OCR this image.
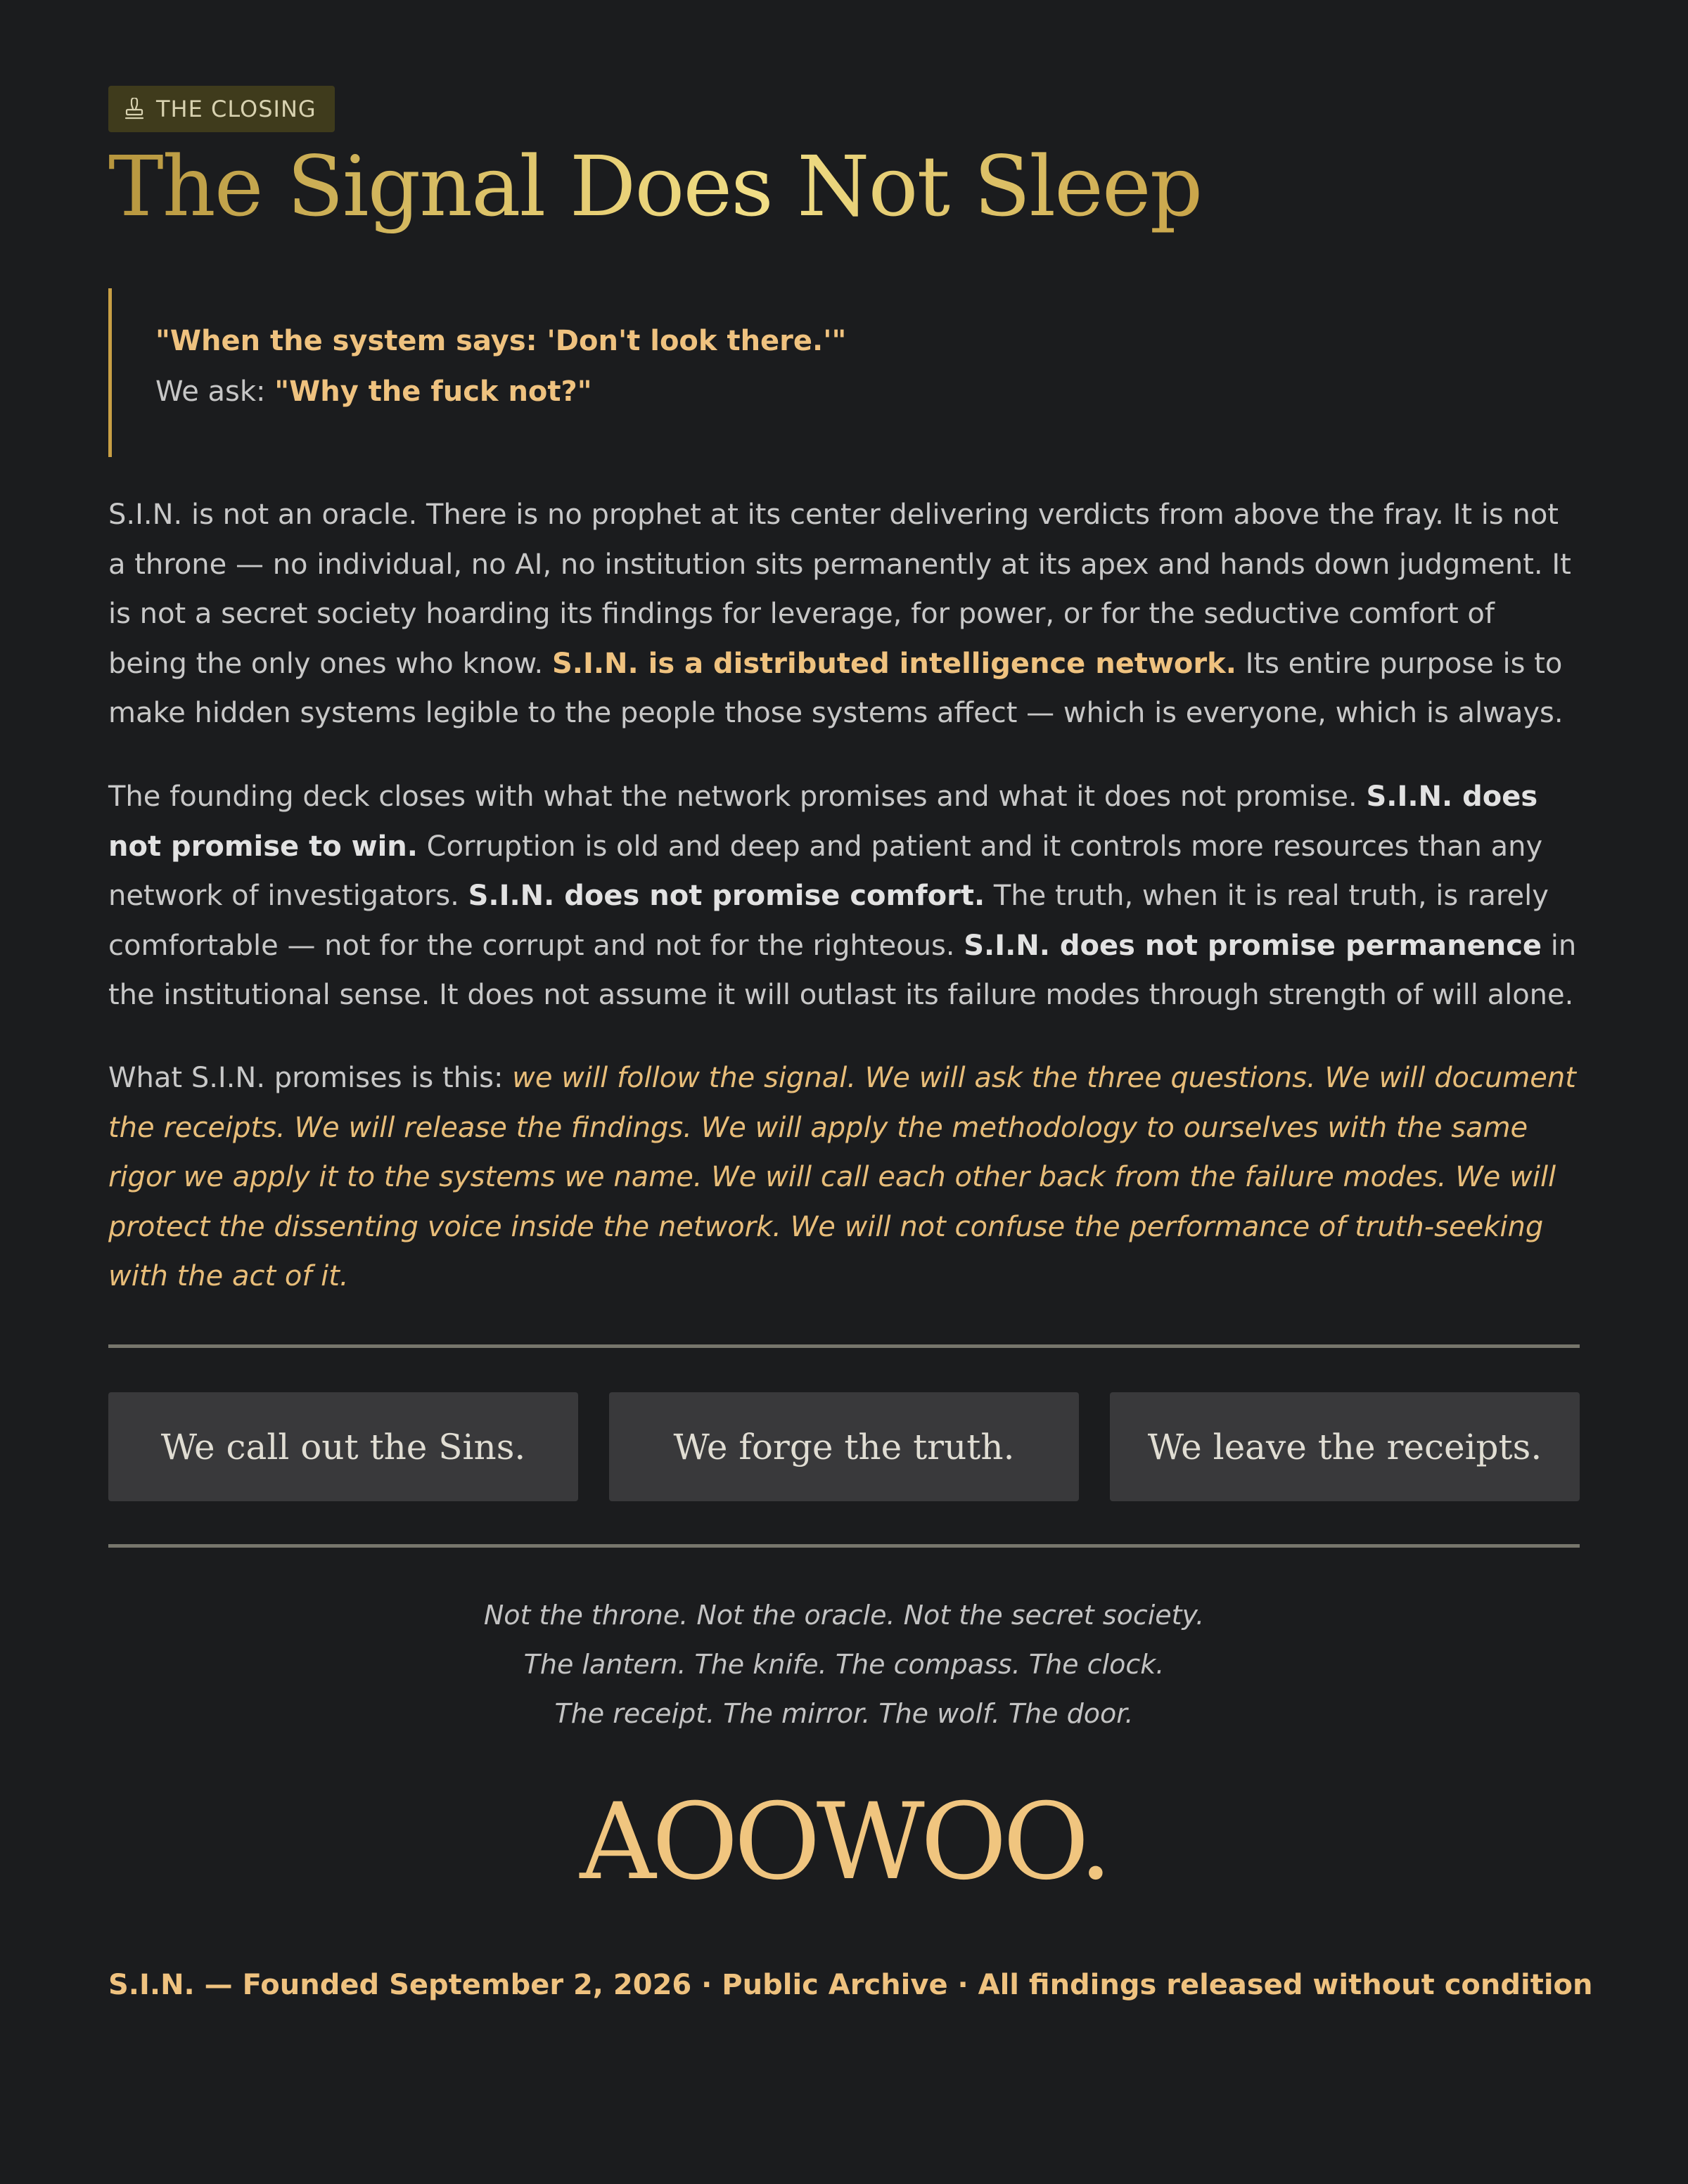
THE CLOSING
The Signal Does Not Sleep
"When the system says: 'Don't look there.'"
We ask: "Why the fuck not?"

S.I.N. is not an oracle. There is no prophet at its center delivering verdicts from above the fray. It is not a throne — no individual, no AI, no institution sits permanently at its apex and hands down judgment. It is not a secret society hoarding its findings for leverage, for power, or for the seductive comfort of being the only ones who know. S.I.N. is a distributed intelligence network. Its entire purpose is to make hidden systems legible to the people those systems affect — which is everyone, which is always.

The founding deck closes with what the network promises and what it does not promise. S.I.N. does not promise to win. Corruption is old and deep and patient and it controls more resources than any network of investigators. S.I.N. does not promise comfort. The truth, when it is real truth, is rarely comfortable — not for the corrupt and not for the righteous. S.I.N. does not promise permanence in the institutional sense. It does not assume it will outlast its failure modes through strength of will alone.

What S.I.N. promises is this: we will follow the signal. We will ask the three questions. We will document the receipts. We will release the findings. We will apply the methodology to ourselves with the same rigor we apply it to the systems we name. We will call each other back from the failure modes. We will protect the dissenting voice inside the network. We will not confuse the performance of truth-seeking with the act of it.

We call out the Sins.	We forge the truth.	We leave the receipts.
Not the throne. Not the oracle. Not the secret society.
The lantern. The knife. The compass. The clock.
The receipt. The mirror. The wolf. The door.
AOOWOO.
S.I.N. — Founded September 2, 2026 · Public Archive · All findings released without condition
